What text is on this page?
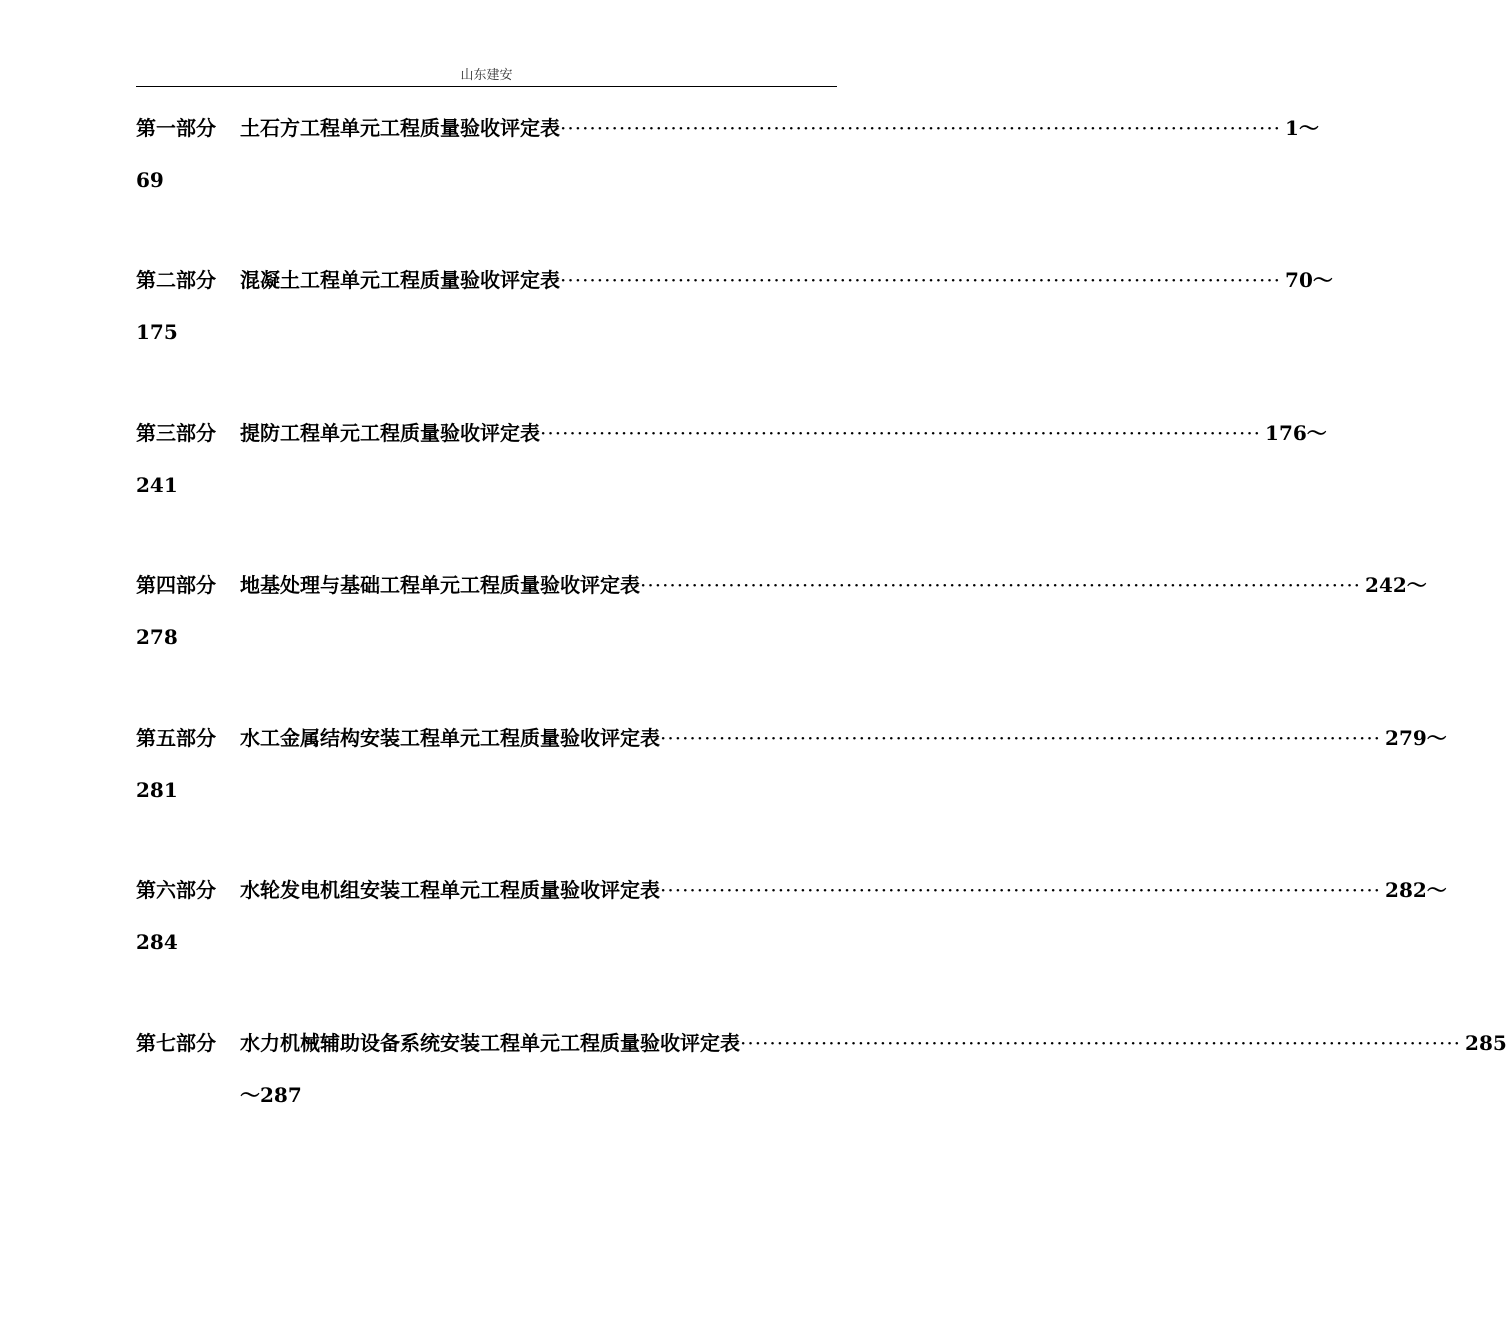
山东建安
第一部分	土石方工程单元工程质量验收评定表 ·····	1～
69
第二部分	混凝土工程单元工程质量验收评定表 ·····	70～
175
第三部分	提防工程单元工程质量验收评定表 ·····	176～
241
第四部分	地基处理与基础工程单元工程质量验收评定表 ·····	242～
278
第五部分	水工金属结构安装工程单元工程质量验收评定表 ·····	279～
281
第六部分	水轮发电机组安装工程单元工程质量验收评定表 ·····	282～
284
第七部分	水力机械辅助设备系统安装工程单元工程质量验收评定表 ·····	285
～287
